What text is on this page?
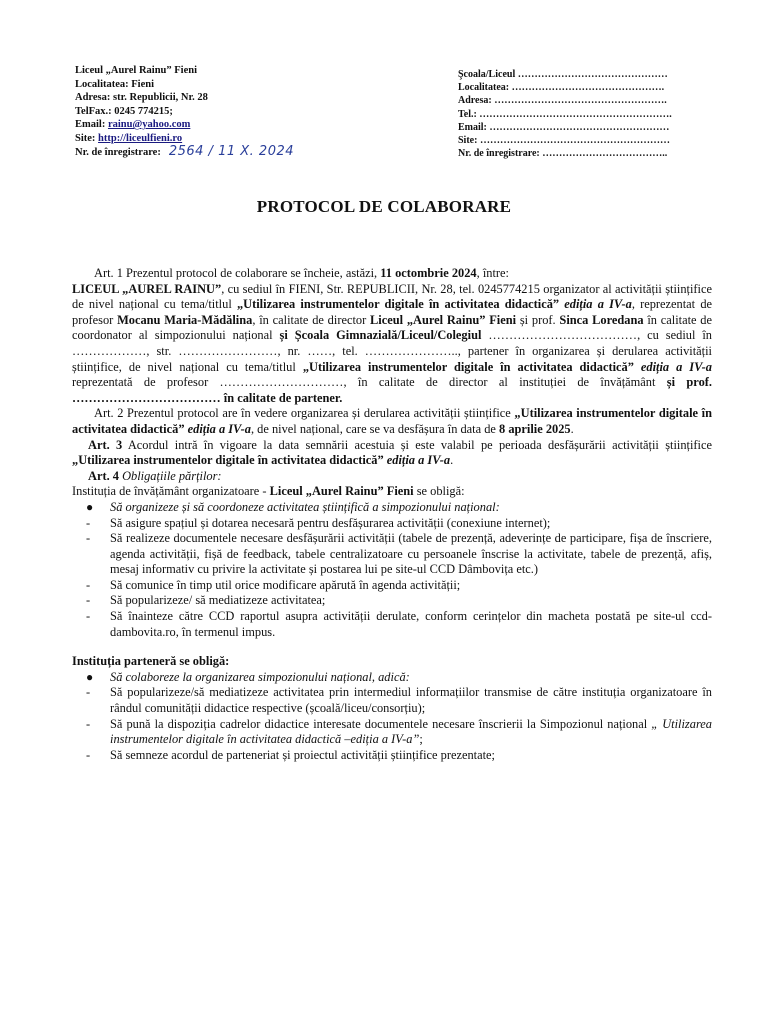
Liceul „Aurel Rainu” Fieni
Localitatea: Fieni
Adresa: str. Republicii, Nr. 28
TelFax.: 0245 774215;
Email: rainu@yahoo.com
Site: http://liceulfieni.ro
Nr. de înregistrare: 2564 / 11 X. 2024
Şcoala/Liceul ………………………………………
Localitatea: ……………………………………….
Adresa: …………………………………………….
Tel.: ………………………………………………….
Email: ………………………………………………
Site: …………………………………………………
Nr. de înregistrare: ………………………………..
PROTOCOL DE COLABORARE

Art. 1 Prezentul protocol de colaborare se încheie, astăzi, 11 octombrie 2024, între:

LICEUL „AUREL RAINU”, cu sediul în FIENI, Str. REPUBLICII, Nr. 28, tel. 0245774215 organizator al activității științifice de nivel național cu tema/titlul „Utilizarea instrumentelor digitale în activitatea didactică” ediția a IV-a, reprezentat de profesor Mocanu Maria-Mădălina, în calitate de director Liceul „Aurel Rainu” Fieni și prof. Sinca Loredana în calitate de coordonator al simpozionului național și Școala Gimnazială/Liceul/Colegiul ………………………………, cu sediul în ………………, str. ……………………, nr. ……, tel. ………………….., partener în organizarea și derularea activității științifice, de nivel național cu tema/titlul „Utilizarea instrumentelor digitale în activitatea didactică” ediția a IV-a reprezentată de profesor …………………………, în calitate de director al instituției de învățământ și prof. ……………………………… în calitate de partener.

Art. 2 Prezentul protocol are în vedere organizarea și derularea activității științifice „Utilizarea instrumentelor digitale în activitatea didactică” ediția a IV-a, de nivel național, care se va desfășura în data de 8 aprilie 2025.

Art. 3 Acordul intră în vigoare la data semnării acestuia și este valabil pe perioada desfășurării activității științifice „Utilizarea instrumentelor digitale în activitatea didactică” ediția a IV-a.

Art. 4 Obligațiile părților:

Instituția de învățământ organizatoare - Liceul „Aurel Rainu” Fieni se obligă:

● Să organizeze și să coordoneze activitatea științifică a simpozionului național:
- Să asigure spațiul și dotarea necesară pentru desfășurarea activității (conexiune internet);
- Să realizeze documentele necesare desfășurării activității (tabele de prezență, adeverințe de participare, fișa de înscriere, agenda activității, fișă de feedback, tabele centralizatoare cu persoanele înscrise la activitate, tabele de prezență, afiș, mesaj informativ cu privire la activitate și postarea lui pe site-ul CCD Dâmbovița etc.)
- Să comunice în timp util orice modificare apărută în agenda activității;
- Să popularizeze/ să mediatizeze activitatea;
- Să înainteze către CCD raportul asupra activității derulate, conform cerințelor din macheta postată pe site-ul ccd-dambovita.ro, în termenul impus.

Instituția parteneră se obligă:

● Să colaboreze la organizarea simpozionului național, adică:
- Să popularizeze/să mediatizeze activitatea prin intermediul informațiilor transmise de către instituția organizatoare în rândul comunității didactice respective (școală/liceu/consorțiu);
- Să pună la dispoziția cadrelor didactice interesate documentele necesare înscrierii la Simpozionul național „ Utilizarea instrumentelor digitale în activitatea didactică –ediția a IV-a”;
- Să semneze acordul de parteneriat și proiectul activității științifice prezentate;
